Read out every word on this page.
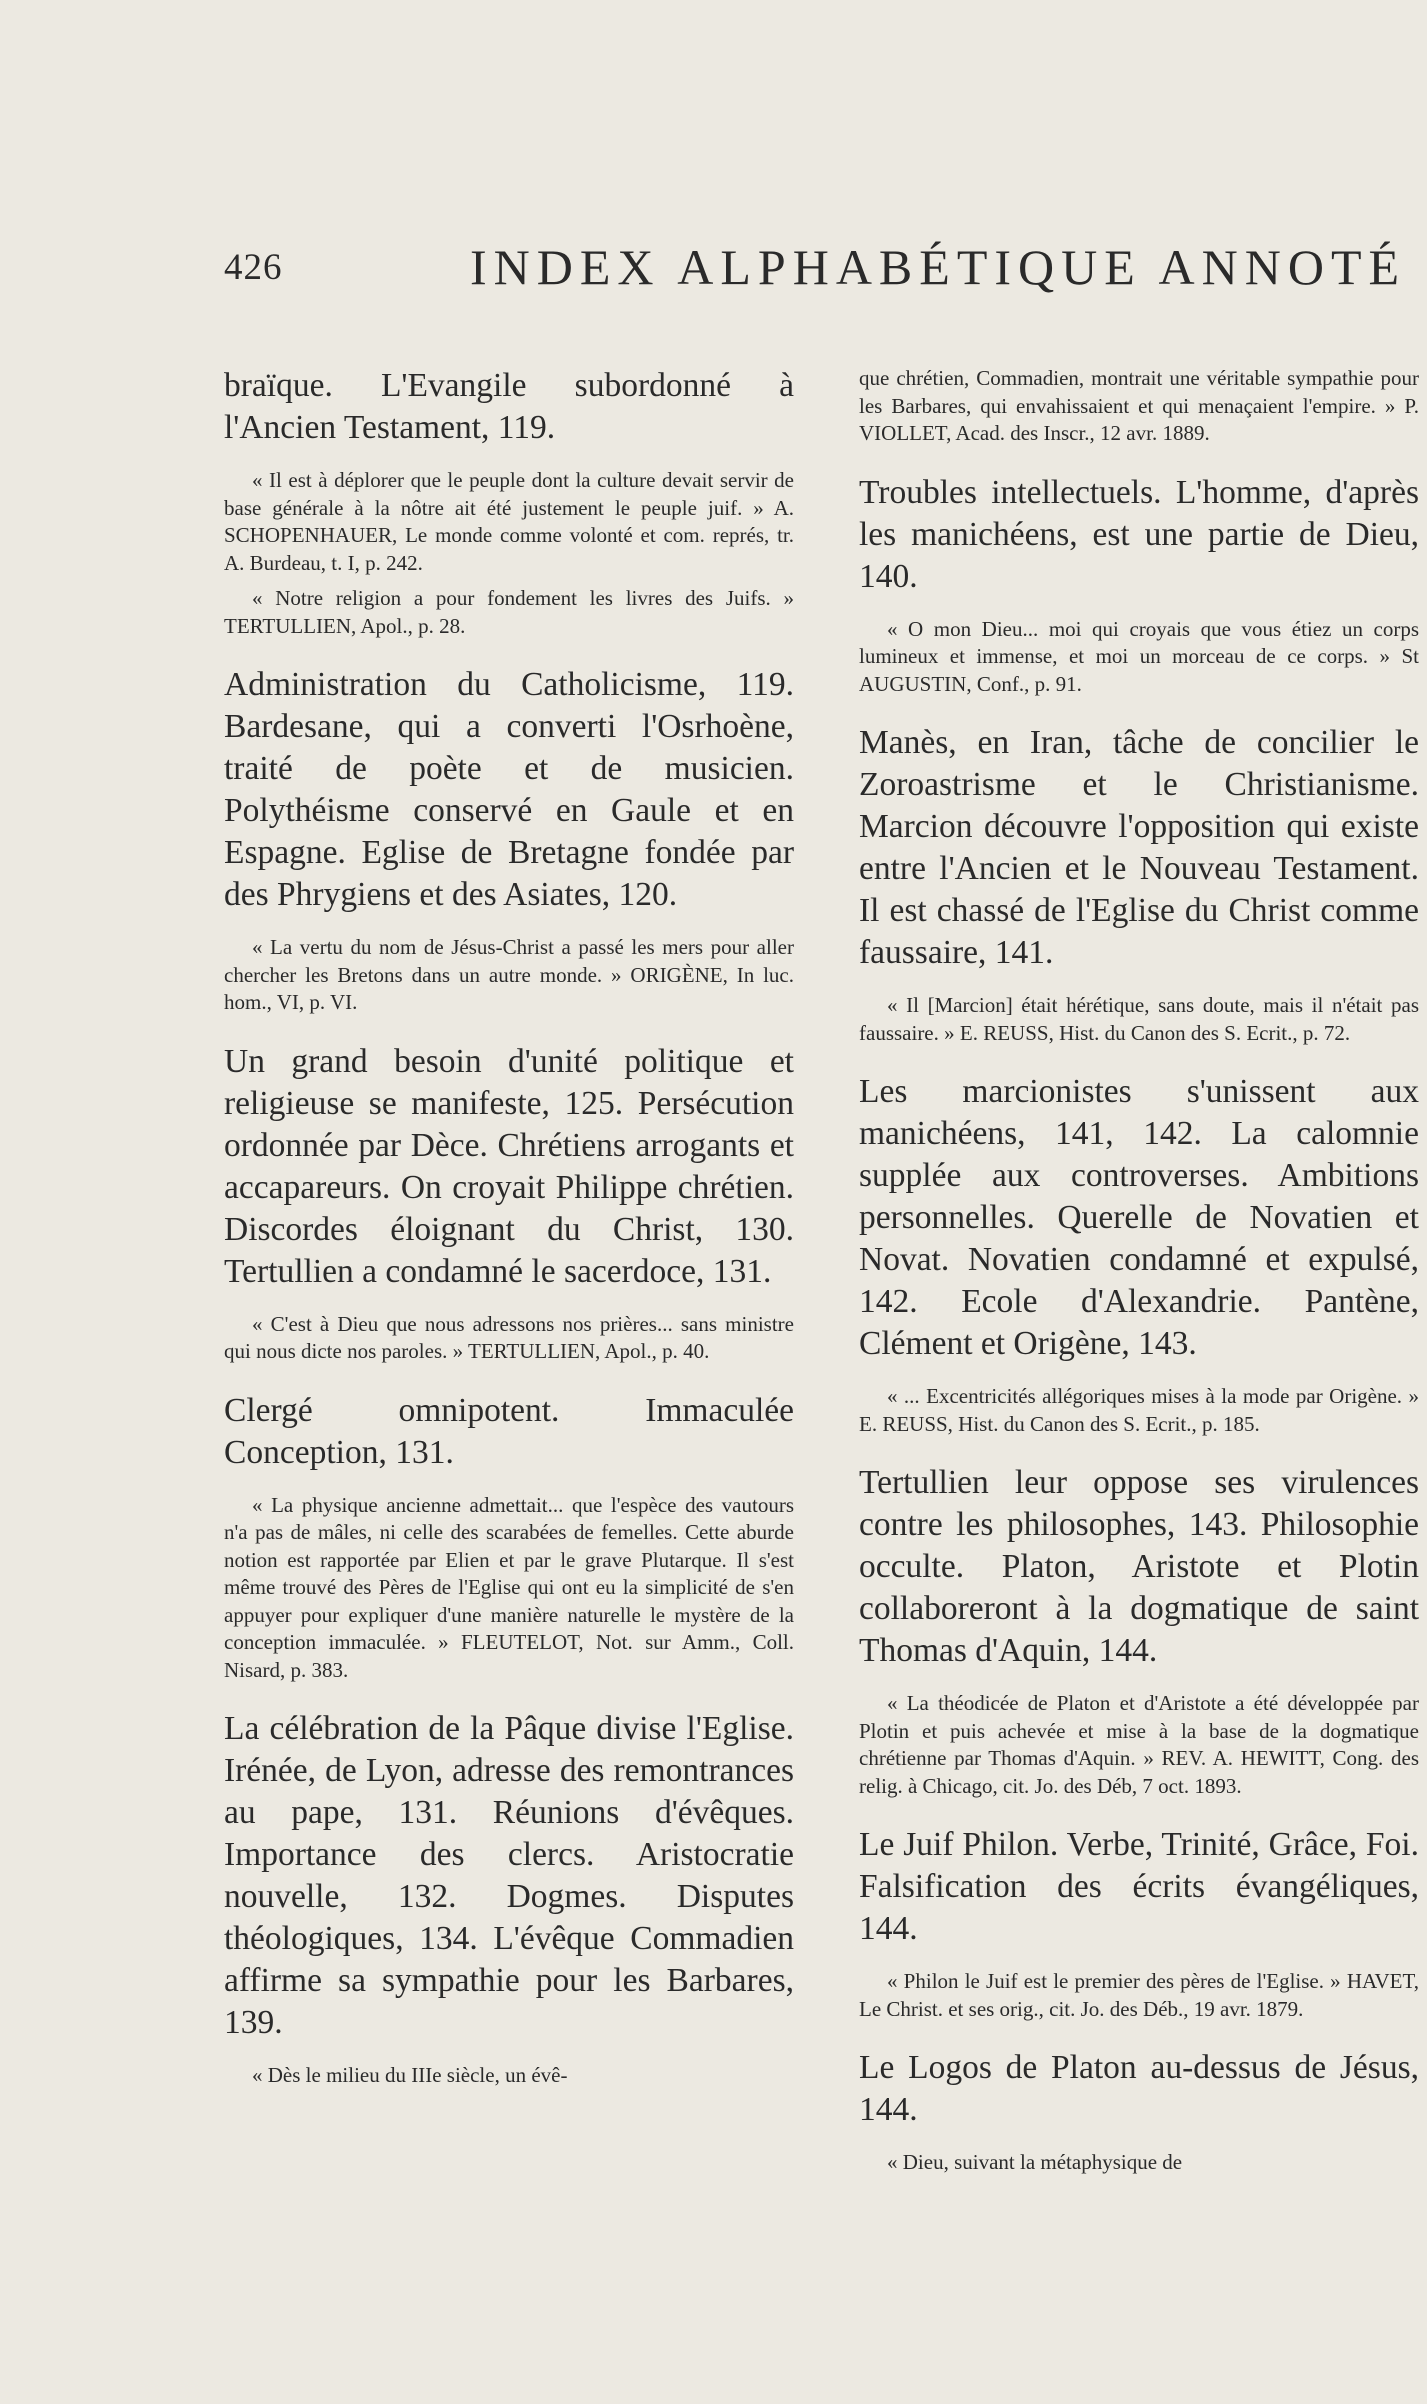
426	INDEX ALPHABÉTIQUE ANNOTÉ

braïque. L'Evangile subordonné à l'Ancien Testament, 119.

« Il est à déplorer que le peuple dont la culture devait servir de base générale à la nôtre ait été justement le peuple juif. » A. SCHOPENHAUER, Le monde comme volonté et com. représ, tr. A. Burdeau, t. I, p. 242.

« Notre religion a pour fondement les livres des Juifs. » TERTULLIEN, Apol., p. 28.

Administration du Catholicisme, 119. Bardesane, qui a converti l'Osrhoène, traité de poète et de musicien. Polythéisme conservé en Gaule et en Espagne. Eglise de Bretagne fondée par des Phrygiens et des Asiates, 120.

« La vertu du nom de Jésus-Christ a passé les mers pour aller chercher les Bretons dans un autre monde. » ORIGÈNE, In luc. hom., VI, p. VI.

Un grand besoin d'unité politique et religieuse se manifeste, 125. Persécution ordonnée par Dèce. Chrétiens arrogants et accapareurs. On croyait Philippe chrétien. Discordes éloignant du Christ, 130. Tertullien a condamné le sacerdoce, 131.

« C'est à Dieu que nous adressons nos prières... sans ministre qui nous dicte nos paroles. » TERTULLIEN, Apol., p. 40.

Clergé omnipotent. Immaculée Conception, 131.

« La physique ancienne admettait... que l'espèce des vautours n'a pas de mâles, ni celle des scarabées de femelles. Cette aburde notion est rapportée par Elien et par le grave Plutarque. Il s'est même trouvé des Pères de l'Eglise qui ont eu la simplicité de s'en appuyer pour expliquer d'une manière naturelle le mystère de la conception immaculée. » FLEUTELOT, Not. sur Amm., Coll. Nisard, p. 383.

La célébration de la Pâque divise l'Eglise. Irénée, de Lyon, adresse des remontrances au pape, 131. Réunions d'évêques. Importance des clercs. Aristocratie nouvelle, 132. Dogmes. Disputes théologiques, 134. L'évêque Commadien affirme sa sympathie pour les Barbares, 139.

« Dès le milieu du IIIe siècle, un évê-

que chrétien, Commadien, montrait une véritable sympathie pour les Barbares, qui envahissaient et qui menaçaient l'empire. » P. VIOLLET, Acad. des Inscr., 12 avr. 1889.

Troubles intellectuels. L'homme, d'après les manichéens, est une partie de Dieu, 140.

« O mon Dieu... moi qui croyais que vous étiez un corps lumineux et immense, et moi un morceau de ce corps. » St AUGUSTIN, Conf., p. 91.

Manès, en Iran, tâche de concilier le Zoroastrisme et le Christianisme. Marcion découvre l'opposition qui existe entre l'Ancien et le Nouveau Testament. Il est chassé de l'Eglise du Christ comme faussaire, 141.

« Il [Marcion] était hérétique, sans doute, mais il n'était pas faussaire. » E. REUSS, Hist. du Canon des S. Ecrit., p. 72.

Les marcionistes s'unissent aux manichéens, 141, 142. La calomnie supplée aux controverses. Ambitions personnelles. Querelle de Novatien et Novat. Novatien condamné et expulsé, 142. Ecole d'Alexandrie. Pantène, Clément et Origène, 143.

« ... Excentricités allégoriques mises à la mode par Origène. » E. REUSS, Hist. du Canon des S. Ecrit., p. 185.

Tertullien leur oppose ses virulences contre les philosophes, 143. Philosophie occulte. Platon, Aristote et Plotin collaboreront à la dogmatique de saint Thomas d'Aquin, 144.

« La théodicée de Platon et d'Aristote a été développée par Plotin et puis achevée et mise à la base de la dogmatique chrétienne par Thomas d'Aquin. » REV. A. HEWITT, Cong. des relig. à Chicago, cit. Jo. des Déb, 7 oct. 1893.

Le Juif Philon. Verbe, Trinité, Grâce, Foi. Falsification des écrits évangéliques, 144.

« Philon le Juif est le premier des pères de l'Eglise. » HAVET, Le Christ. et ses orig., cit. Jo. des Déb., 19 avr. 1879.

Le Logos de Platon au-dessus de Jésus, 144.

« Dieu, suivant la métaphysique de
